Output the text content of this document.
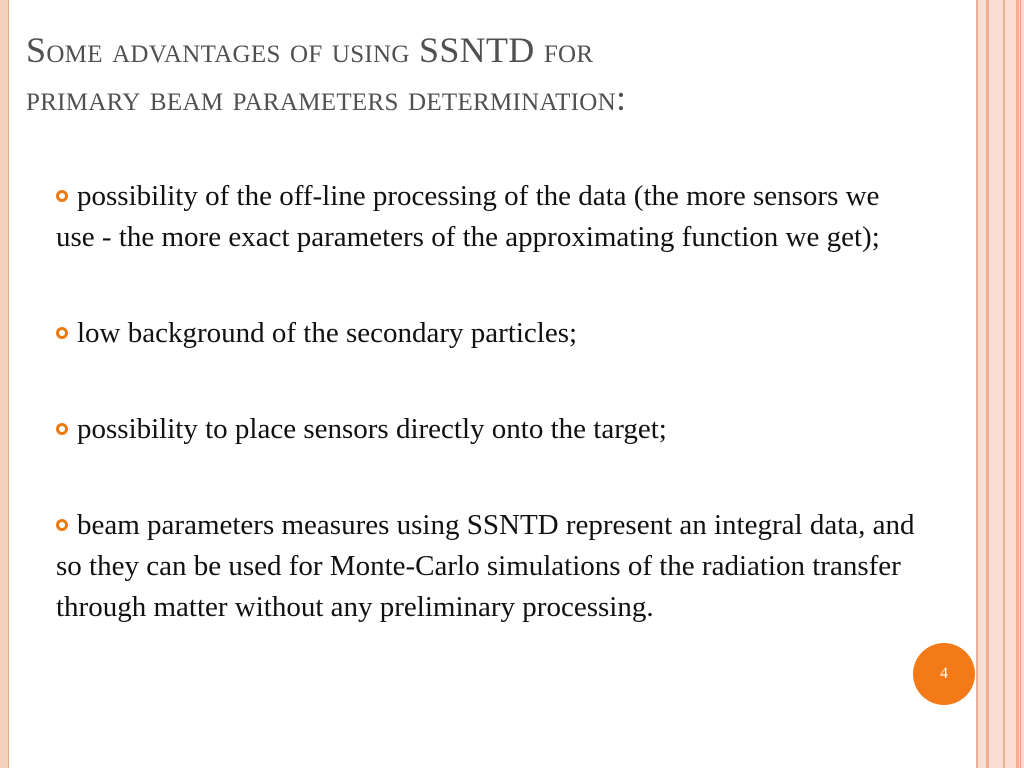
Some advantages of using SSNTD for
primary beam parameters determination:
possibility of the off-line processing of the data (the more sensors we use - the more exact parameters of the approximating function we get);
low background of the secondary particles;
possibility to place sensors directly onto the target;
beam parameters measures using SSNTD represent an integral data, and so they can be used for Monte-Carlo simulations of the radiation transfer through matter without any preliminary processing.
4
